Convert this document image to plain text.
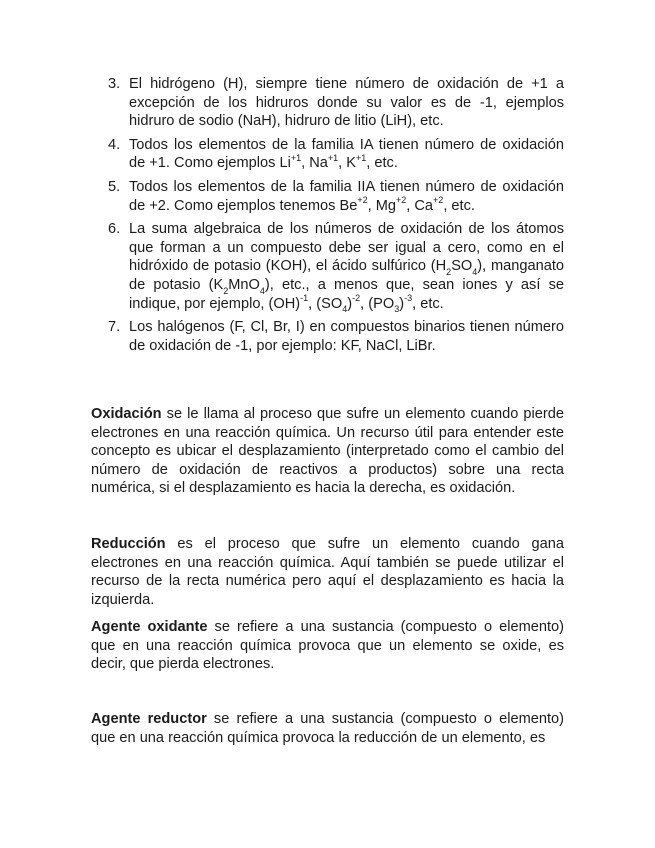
3. El hidrógeno (H), siempre tiene número de oxidación de +1 a excepción de los hidruros donde su valor es de -1, ejemplos hidruro de sodio (NaH), hidruro de litio (LiH), etc.
4. Todos los elementos de la familia IA tienen número de oxidación de +1. Como ejemplos $Li^{+1}$, $Na^{+1}$, $K^{+1}$, etc.
5. Todos los elementos de la familia IIA tienen número de oxidación de +2. Como ejemplos tenemos $Be^{+2}$, $Mg^{+2}$, $Ca^{+2}$, etc.
6. La suma algebraica de los números de oxidación de los átomos que forman a un compuesto debe ser igual a cero, como en el hidróxido de potasio (KOH), el ácido sulfúrico $(H_2SO_4)$, manganato de potasio $(K_2MnO_4)$, etc., a menos que, sean iones y así se indique, por ejemplo, (OH)$^{-1}$, $(SO_4)^{-2}$, $(PO_3)^{-3}$, etc.
7. Los halógenos (F, Cl, Br, I) en compuestos binarios tienen número de oxidación de -1, por ejemplo: KF, NaCl, LiBr.

Oxidación se le llama al proceso que sufre un elemento cuando pierde electrones en una reacción química. Un recurso útil para entender este concepto es ubicar el desplazamiento (interpretado como el cambio del número de oxidación de reactivos a productos) sobre una recta numérica, si el desplazamiento es hacia la derecha, es oxidación.

Reducción es el proceso que sufre un elemento cuando gana electrones en una reacción química. Aquí también se puede utilizar el recurso de la recta numérica pero aquí el desplazamiento es hacia la izquierda.

Agente oxidante se refiere a una sustancia (compuesto o elemento) que en una reacción química provoca que un elemento se oxide, es decir, que pierda electrones.

Agente reductor se refiere a una sustancia (compuesto o elemento) que en una reacción química provoca la reducción de un elemento, es
